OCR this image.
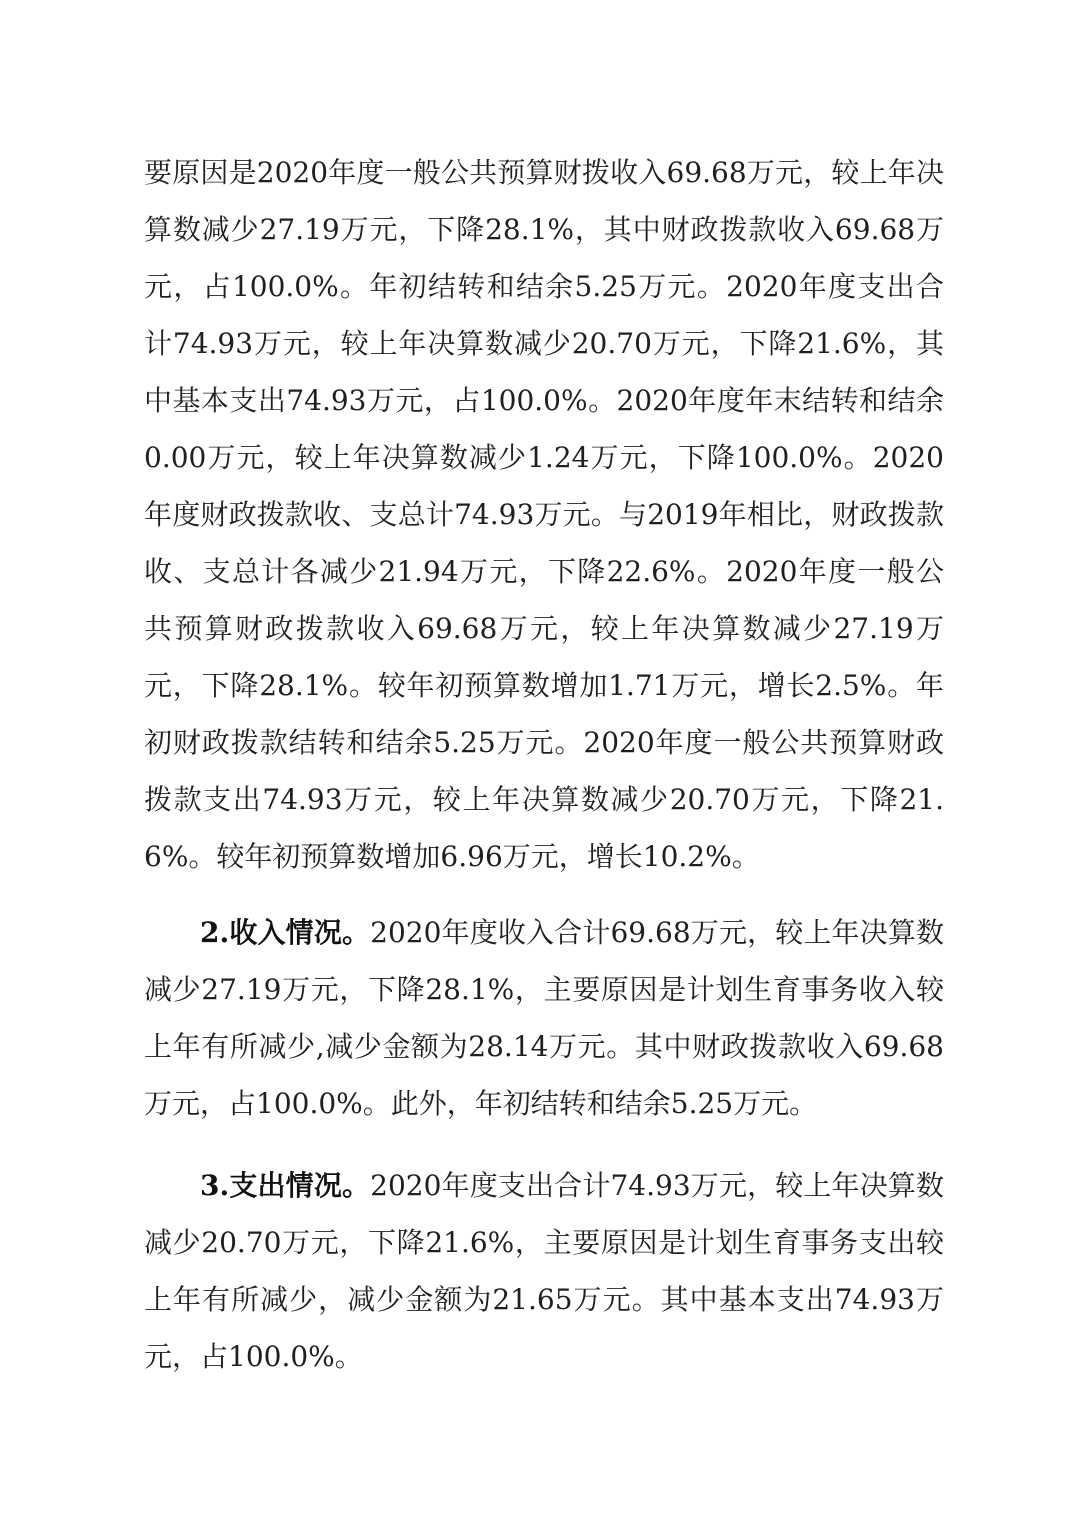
要原因是2020年度一般公共预算财拨收入69.68万元，较上年决算数减少27.19万元，下降28.1%，其中财政拨款收入69.68万元，占100.0%。年初结转和结余5.25万元。2020年度支出合计74.93万元，较上年决算数减少20.70万元，下降21.6%，其中基本支出74.93万元，占100.0%。2020年度年末结转和结余0.00万元，较上年决算数减少1.24万元，下降100.0%。2020年度财政拨款收、支总计74.93万元。与2019年相比，财政拨款收、支总计各减少21.94万元，下降22.6%。2020年度一般公共预算财政拨款收入69.68万元，较上年决算数减少27.19万元，下降28.1%。较年初预算数增加1.71万元，增长2.5%。年初财政拨款结转和结余5.25万元。2020年度一般公共预算财政拨款支出74.93万元，较上年决算数减少20.70万元，下降21.6%。较年初预算数增加6.96万元，增长10.2%。

2.收入情况。2020年度收入合计69.68万元，较上年决算数减少27.19万元，下降28.1%，主要原因是计划生育事务收入较上年有所减少,减少金额为28.14万元。其中财政拨款收入69.68万元，占100.0%。此外，年初结转和结余5.25万元。

3.支出情况。2020年度支出合计74.93万元，较上年决算数减少20.70万元，下降21.6%，主要原因是计划生育事务支出较上年有所减少，减少金额为21.65万元。其中基本支出74.93万元，占100.0%。
